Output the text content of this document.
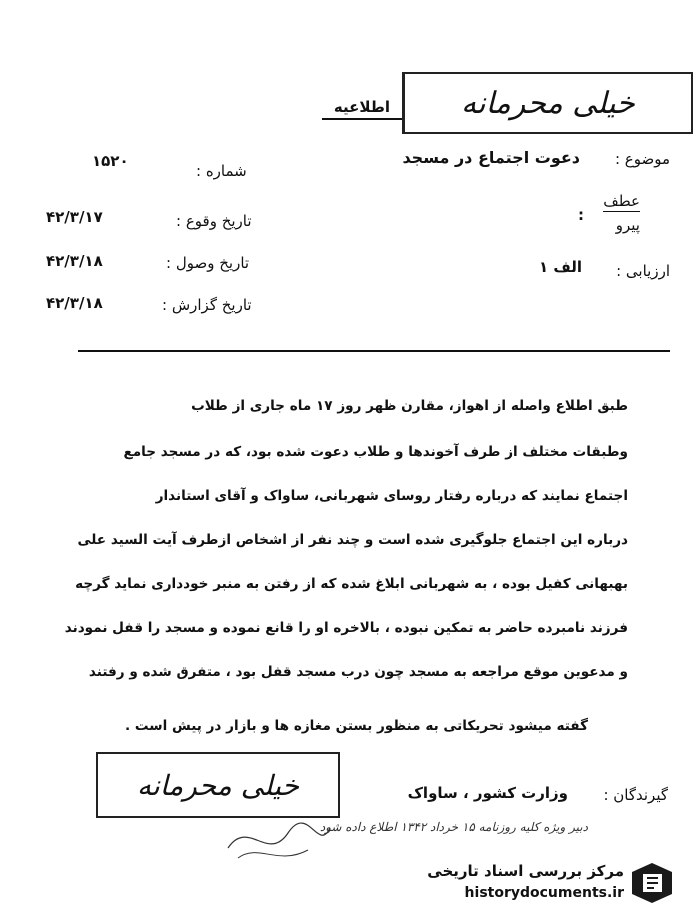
خیلی محرمانه
اطلاعیه
موضوع :
دعوت اجتماع در مسجد
شماره :
۱۵۲۰
عطف
پیرو
:
تاریخ وقوع :
۴۲/۳/۱۷
تاریخ وصول :
۴۲/۳/۱۸
تاریخ گزارش :
۴۲/۳/۱۸
ارزیابی :
الف ۱
طبق اطلاع واصله از اهواز، مقارن ظهر روز ۱۷ ماه جاری از طلاب
وطبقات مختلف از طرف آخوندها و طلاب دعوت شده بود، که در مسجد جامع
اجتماع نمایند که درباره رفتار روسای شهربانی، ساواک و آقای استاندار
درباره این اجتماع جلوگیری شده است و چند نفر از اشخاص ازطرف آیت السید علی
بهبهانی کفیل بوده ، به شهربانی ابلاغ شده که از رفتن به منبر خودداری نماید گرچه
فرزند نامبرده حاضر به تمکین نبوده ، بالاخره او را قانع نموده و مسجد را قفل نمودند
و مدعوین موقع مراجعه به مسجد چون درب مسجد قفل بود ، متفرق شده و رفتند
گفته میشود تحریکاتی به منظور بستن مغازه ها و بازار در پیش است .
گیرندگان :
وزارت کشور ، ساواک
خیلی محرمانه
دبیر ویژه کلیه روزنامه ۱۵ خرداد ۱۳۴۲ اطلاع داده شود
مرکز بررسی اسناد تاریخی
historydocuments.ir
